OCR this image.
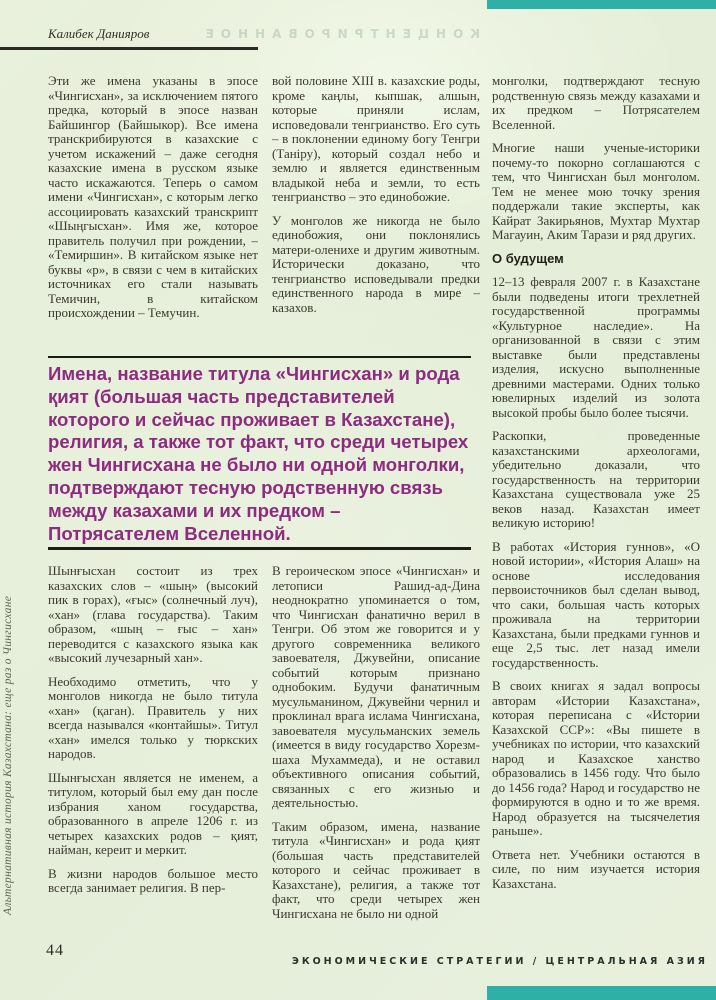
КОНЦЕНТРИРОВАННОЕ
Калибек Данияров
Альтернативная история Казахстана: еще раз о Чингисхане

Эти же имена указаны в эпосе «Чингисхан», за исключением пятого предка, который в эпосе назван Байшингор (Байшыкор). Все имена транскрибируются в казахские с учетом искажений – даже сегодня казахские имена в русском языке часто искажаются. Теперь о самом имени «Чингисхан», с которым легко ассоциировать казахский транскрипт «Шыңгысхан». Имя же, которое правитель получил при рождении, – «Темиршин». В китайском языке нет буквы «р», в связи с чем в китайских источниках его стали называть Темичин, в китайском происхождении – Темучин.

вой половине XIII в. казахские роды, кроме каңлы, кыпшак, алшын, которые приняли ислам, исповедовали тенгрианство. Его суть – в поклонении единому богу Тенгри (Таніру), который создал небо и землю и является единственным владыкой неба и земли, то есть тенгрианство – это единобожие.

У монголов же никогда не было единобожия, они поклонялись матери-оленихе и другим животным. Исторически доказано, что тенгрианство исповедывали предки единственного народа в мире – казахов.

Имена, название титула «Чингисхан» и рода қият (большая часть представителей которого и сейчас проживает в Казахстане), религия, а также тот факт, что среди четырех жен Чингисхана не было ни одной монголки, подтверждают тесную родственную связь между казахами и их предком – Потрясателем Вселенной.

Шынғысхан состоит из трех казахских слов – «шың» (высокий пик в горах), «ғыс» (солнечный луч), «хан» (глава государства). Таким образом, «шың – ғыс – хан» переводится с казахского языка как «высокий лучезарный хан».

Необходимо отметить, что у монголов никогда не было титула «хан» (қаган). Правитель у них всегда назывался «контайшы». Титул «хан» имелся только у тюркских народов.

Шынғысхан является не именем, а титулом, который был ему дан после избрания ханом государства, образованного в апреле 1206 г. из четырех казахских родов – қият, найман, кереит и меркит.

В жизни народов большое место всегда занимает религия. В пер-

В героическом эпосе «Чингисхан» и летописи Рашид-ад-Дина неоднократно упоминается о том, что Чингисхан фанатично верил в Тенгри. Об этом же говорится и у другого современника великого завоевателя, Джувейни, описание событий которым признано однобоким. Будучи фанатичным мусульманином, Джувейни чернил и проклинал врага ислама Чингисхана, завоевателя мусульманских земель (имеется в виду государство Хорезм-шаха Мухаммеда), и не оставил объективного описания событий, связанных с его жизнью и деятельностью.

Таким образом, имена, название титула «Чингисхан» и рода қият (большая часть представителей которого и сейчас проживает в Казахстане), религия, а также тот факт, что среди четырех жен Чингисхана не было ни одной

монголки, подтверждают тесную родственную связь между казахами и их предком – Потрясателем Вселенной.

Многие наши ученые-историки почему-то покорно соглашаются с тем, что Чингисхан был монголом. Тем не менее мою точку зрения поддержали такие эксперты, как Кайрат Закирьянов, Мухтар Мухтар Магауин, Аким Тарази и ряд других.

О будущем

12–13 февраля 2007 г. в Казахстане были подведены итоги трехлетней государственной программы «Культурное наследие». На организованной в связи с этим выставке были представлены изделия, искусно выполненные древними мастерами. Одних только ювелирных изделий из золота высокой пробы было более тысячи.

Раскопки, проведенные казахстанскими археологами, убедительно доказали, что государственность на территории Казахстана существовала уже 25 веков назад. Казахстан имеет великую историю!

В работах «История гуннов», «О новой истории», «История Алаш» на основе исследования первоисточников был сделан вывод, что саки, большая часть которых проживала на территории Казахстана, были предками гуннов и еще 2,5 тыс. лет назад имели государственность.

В своих книгах я задал вопросы авторам «Истории Казахстана», которая переписана с «Истории Казахской ССР»: «Вы пишете в учебниках по истории, что казахский народ и Казахское ханство образовались в 1456 году. Что было до 1456 года? Народ и государство не формируются в одно и то же время. Народ образуется на тысячелетия раньше».

Ответа нет. Учебники остаются в силе, по ним изучается история Казахстана.

44
ЭКОНОМИЧЕСКИЕ СТРАТЕГИИ / ЦЕНТРАЛЬНАЯ АЗИЯ
